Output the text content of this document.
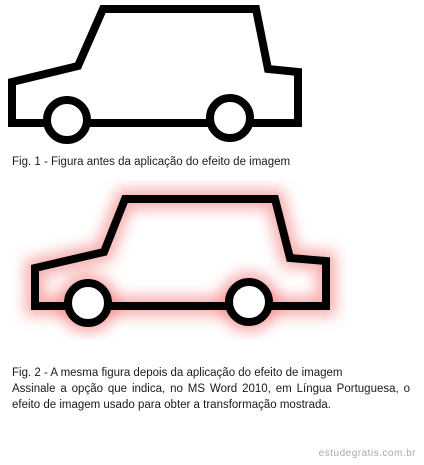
Fig. 1 - Figura antes da aplicação do efeito de imagem
Fig. 2 - A mesma figura depois da aplicação do efeito de imagem
Assinale a opção que indica, no MS Word 2010, em Língua Portuguesa, o efeito de imagem usado para obter a transformação mostrada.
estudegratis.com.br
